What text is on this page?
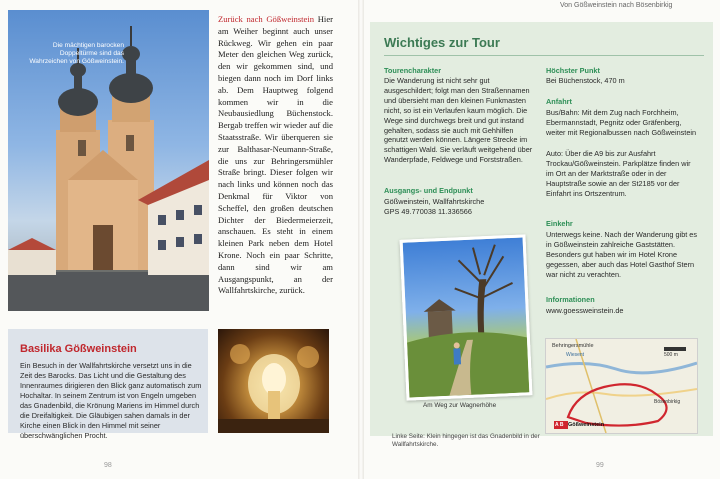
Die mächtigen barocken Doppeltürme sind das Wahrzeichen von Gößweinstein.
Zurück nach Gößweinstein Hier am Weiher beginnt auch unser Rückweg. Wir gehen ein paar Meter den gleichen Weg zurück, den wir gekommen sind, und biegen dann noch im Dorf links ab. Dem Hauptweg folgend kommen wir in die Neubausiedlung Büchenstock. Bergab treffen wir wieder auf die Staatsstraße. Wir überqueren sie zur Balthasar-Neumann-Straße, die uns zur Behringersmühler Straße bringt. Dieser folgen wir nach links und können noch das Denkmal für Viktor von Scheffel, den großen deutschen Dichter der Biedermeierzeit, anschauen. Es steht in einem kleinen Park neben dem Hotel Krone. Noch ein paar Schritte, dann sind wir am Ausgangspunkt, an der Wallfahrtskirche, zurück.
Basilika Gößweinstein

Ein Besuch in der Wallfahrtskirche versetzt uns in die Zeit des Barocks. Das Licht und die Gestaltung des Innenraumes dirigieren den Blick ganz automatisch zum Hochaltar. In seinem Zentrum ist von Engeln umgeben das Gnadenbild, die Krönung Mariens im Himmel durch die Dreifaltigkeit. Die Gläubigen sahen damals in der Kirche einen Blick in den Himmel mit seiner überschwänglichen Procht.

98
Von Gößweinstein nach Bösenbirkig
Wichtiges zur Tour
Tourencharakter
Die Wanderung ist nicht sehr gut ausgeschildert; folgt man den Straßennamen und übersieht man den kleinen Funkmasten nicht, so ist ein Verlaufen kaum möglich. Die Wege sind durchwegs breit und gut instand gehalten, sodass sie auch mit Gehhilfen genutzt werden können. Längere Strecke im schattigen Wald. Sie verläuft weitgehend über Wanderpfade, Feldwege und Forststraßen.
Ausgangs- und Endpunkt
Gößweinstein, Wallfahrtskirche
GPS 49.770038 11.336566
Höchster Punkt
Bei Büchenstock, 470 m
Anfahrt
Bus/Bahn: Mit dem Zug nach Forchheim, Ebermannstadt, Pegnitz oder Gräfenberg, weiter mit Regionalbussen nach Gößweinstein
Auto: Über die A9 bis zur Ausfahrt Trockau/Gößweinstein. Parkplätze finden wir im Ort an der Marktstraße oder in der Hauptstraße sowie an der St2185 vor der Einfahrt ins Ortszentrum.
Einkehr
Unterwegs keine. Nach der Wanderung gibt es in Gößweinstein zahlreiche Gaststätten. Besonders gut haben wir im Hotel Krone gegessen, aber auch das Hotel Gasthof Stern war nicht zu verachten.
Informationen
www.goessweinstein.de
Am Weg zur Wagnerhöhe
Behringersmühle
Wiesent
Bösenbirkig
Gößweinstein
A B
500 m
Linke Seite: Klein hingegen ist das Gnadenbild in der Wallfahrtskirche.
99
